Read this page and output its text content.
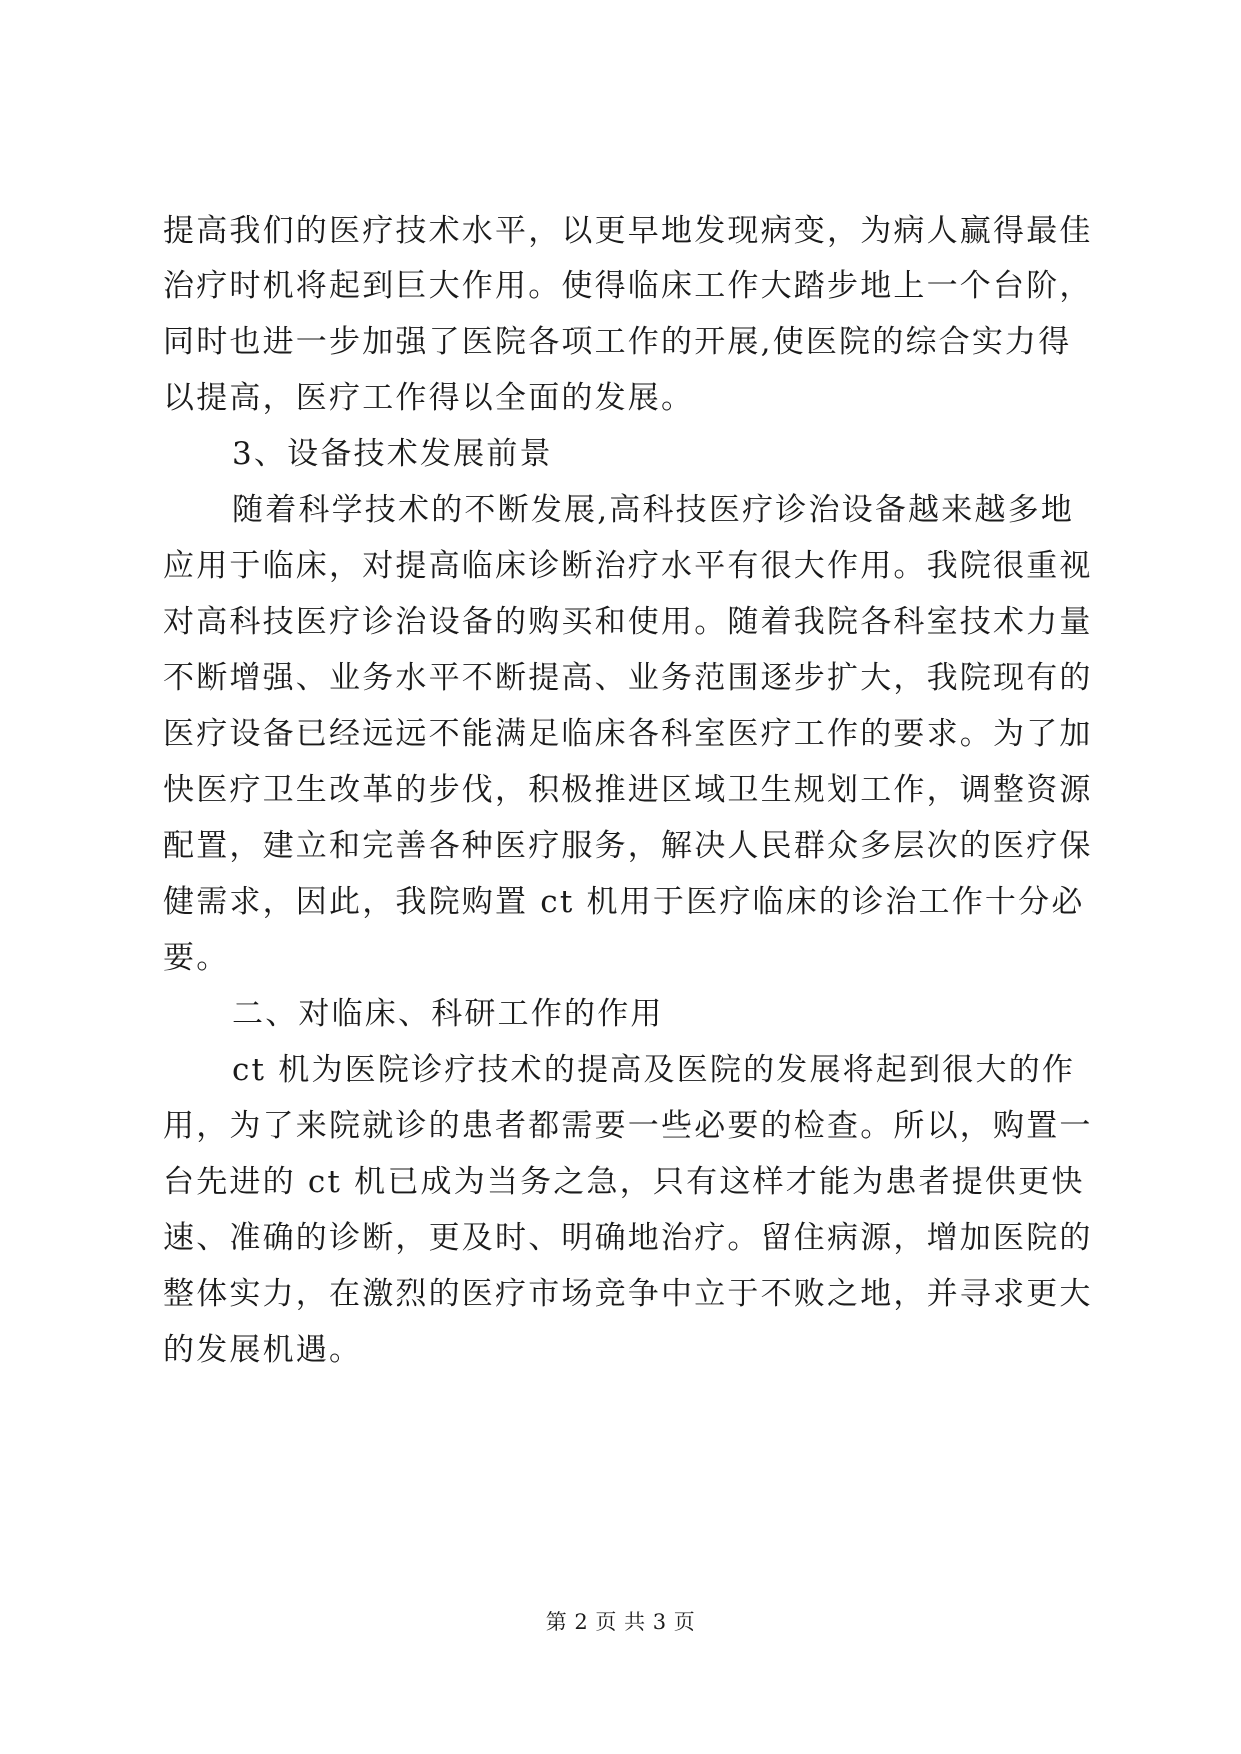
提高我们的医疗技术水平，以更早地发现病变，为病人赢得最佳
治疗时机将起到巨大作用。使得临床工作大踏步地上一个台阶，
同时也进一步加强了医院各项工作的开展,使医院的综合实力得
以提高，医疗工作得以全面的发展。
3、设备技术发展前景
随着科学技术的不断发展,高科技医疗诊治设备越来越多地
应用于临床，对提高临床诊断治疗水平有很大作用。我院很重视
对高科技医疗诊治设备的购买和使用。随着我院各科室技术力量
不断增强、业务水平不断提高、业务范围逐步扩大，我院现有的
医疗设备已经远远不能满足临床各科室医疗工作的要求。为了加
快医疗卫生改革的步伐，积极推进区域卫生规划工作，调整资源
配置，建立和完善各种医疗服务，解决人民群众多层次的医疗保
健需求，因此，我院购置 ct 机用于医疗临床的诊治工作十分必
要。
二、对临床、科研工作的作用
ct 机为医院诊疗技术的提高及医院的发展将起到很大的作
用，为了来院就诊的患者都需要一些必要的检查。所以，购置一
台先进的 ct 机已成为当务之急，只有这样才能为患者提供更快
速、准确的诊断，更及时、明确地治疗。留住病源，增加医院的
整体实力，在激烈的医疗市场竞争中立于不败之地，并寻求更大
的发展机遇。
第 2 页 共 3 页
